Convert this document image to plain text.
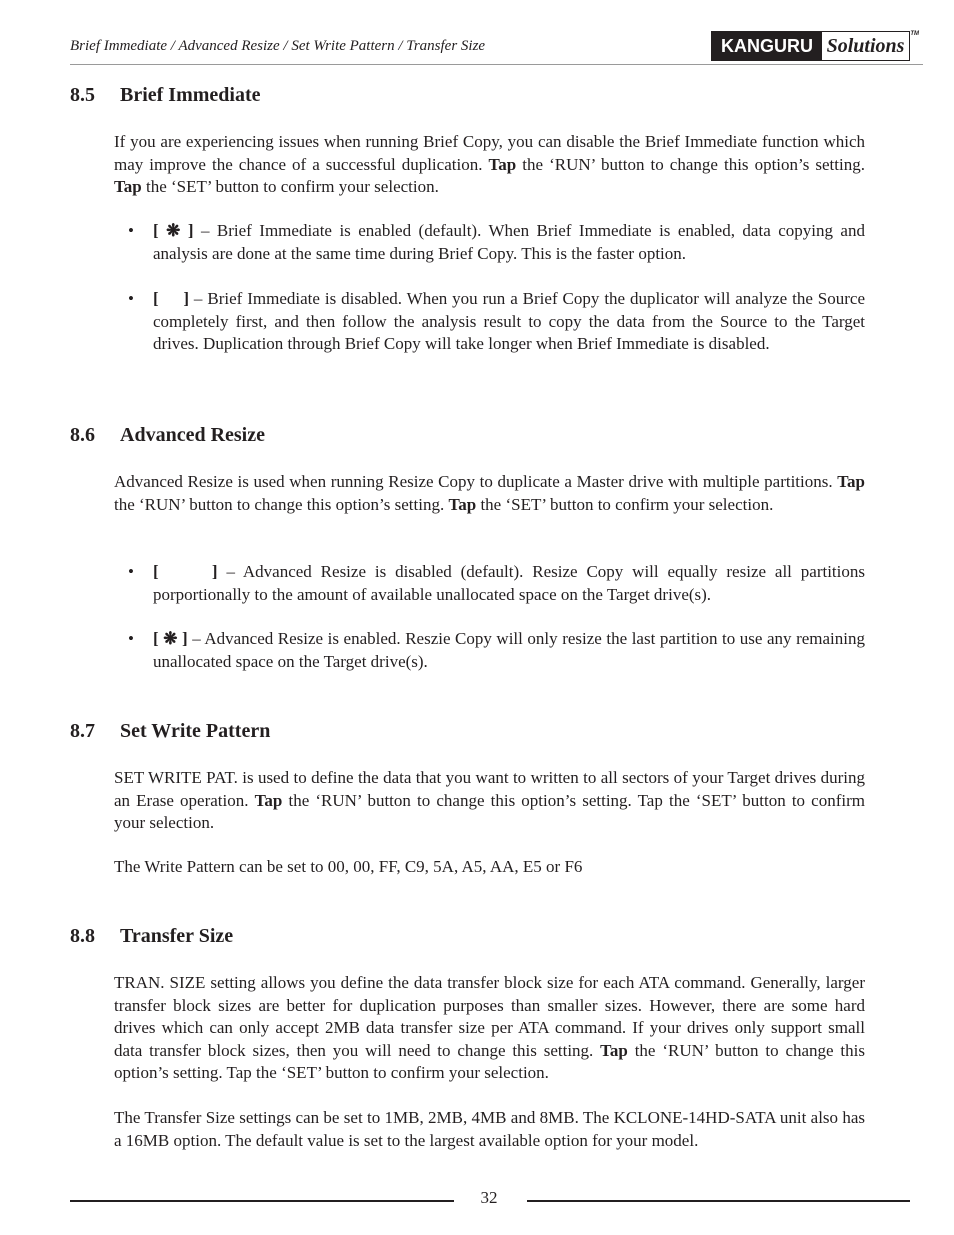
Brief Immediate / Advanced Resize / Set Write Pattern / Transfer Size	KANGURU Solutions
TM
8.5 Brief Immediate
If you are experiencing issues when running Brief Copy, you can disable the Brief Immediate function which may improve the chance of a successful duplication. Tap the ‘RUN’ button to change this option’s setting. Tap the ‘SET’ button to confirm your selection.
• [ ❋ ] – Brief Immediate is enabled (default). When Brief Immediate is enabled, data copying and analysis are done at the same time during Brief Copy. This is the faster option.
• [     ] – Brief Immediate is disabled. When you run a Brief Copy the duplicator will analyze the Source completely first, and then follow the analysis result to copy the data from the Source to the Target drives. Duplication through Brief Copy will take longer when Brief Immediate is disabled.
8.6 Advanced Resize
Advanced Resize is used when running Resize Copy to duplicate a Master drive with multiple partitions. Tap the ‘RUN’ button to change this option’s setting. Tap the ‘SET’ button to confirm your selection.
• [      ] – Advanced Resize is disabled (default). Resize Copy will equally resize all partitions porportionally to the amount of available unallocated space on the Target drive(s).
• [ ❋ ] – Advanced Resize is enabled. Reszie Copy will only resize the last partition to use any remaining unallocated space on the Target drive(s).
8.7 Set Write Pattern
SET WRITE PAT. is used to define the data that you want to written to all sectors of your Target drives during an Erase operation. Tap the ‘RUN’ button to change this option’s setting. Tap the ‘SET’ button to confirm your selection.
The Write Pattern can be set to 00, 00, FF, C9, 5A, A5, AA, E5 or F6
8.8 Transfer Size
TRAN. SIZE setting allows you define the data transfer block size for each ATA command. Generally, larger transfer block sizes are better for duplication purposes than smaller sizes. However, there are some hard drives which can only accept 2MB data transfer size per ATA command. If your drives only support small data transfer block sizes, then you will need to change this setting. Tap the ‘RUN’ button to change this option’s setting. Tap the ‘SET’ button to confirm your selection.
The Transfer Size settings can be set to 1MB, 2MB, 4MB and 8MB. The KCLONE-14HD-SATA unit also has a 16MB option. The default value is set to the largest available option for your model.
32
